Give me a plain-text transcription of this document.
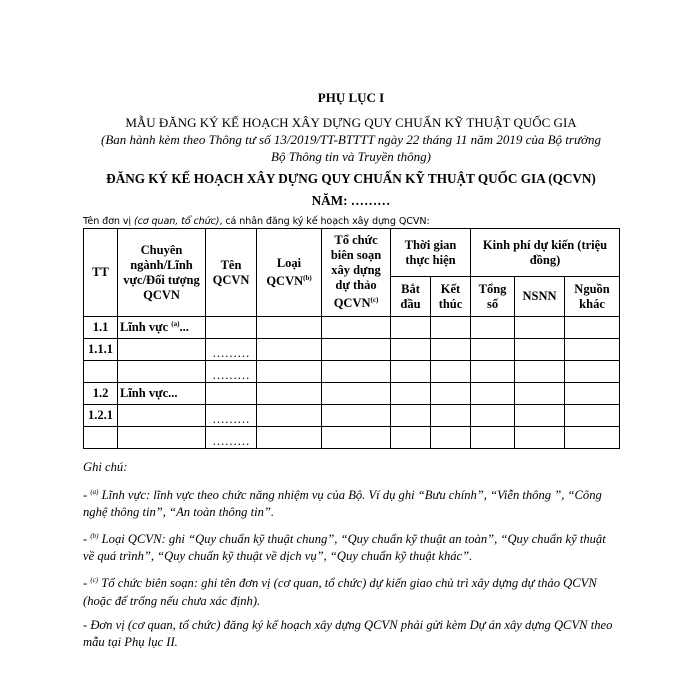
PHỤ LỤC I
MẪU ĐĂNG KÝ KẾ HOẠCH XÂY DỰNG QUY CHUẨN KỸ THUẬT QUỐC GIA
(Ban hành kèm theo Thông tư số 13/2019/TT-BTTTT ngày 22 tháng 11 năm 2019 của Bộ trưởng
Bộ Thông tin và Truyền thông)
ĐĂNG KÝ KẾ HOẠCH XÂY DỰNG QUY CHUẨN KỸ THUẬT QUỐC GIA (QCVN)
NĂM: ………
Tên đơn vị (cơ quan, tổ chức), cá nhân đăng ký kế hoạch xây dựng QCVN:
TT	Chuyên ngành/Lĩnh vực/Đối tượng QCVN	Tên QCVN	Loại QCVN$^{(b)}$	Tổ chức biên soạn xây dựng dự thảo QCVN$^{(c)}$	Thời gian thực hiện		Kinh phí dự kiến (triệu đồng)		
					Bắt đầu	Kết thúc	Tổng số	NSNN	Nguồn khác
1.1	Lĩnh vực $^{(a)}$...								
1.1.1		………							
		………							
1.2	Lĩnh vực...								
1.2.1		………							
		………							

Ghi chú:

- $^{(a)}$ Lĩnh vực: lĩnh vực theo chức năng nhiệm vụ của Bộ. Ví dụ ghi “Bưu chính”, “Viễn thông ”, “Công nghệ thông tin”, “An toàn thông tin”.

- $^{(b)}$ Loại QCVN: ghi “Quy chuẩn kỹ thuật chung”, “Quy chuẩn kỹ thuật an toàn”, “Quy chuẩn kỹ thuật về quá trình”, “Quy chuẩn kỹ thuật về dịch vụ”, “Quy chuẩn kỹ thuật khác”.

- $^{(c)}$ Tổ chức biên soạn: ghi tên đơn vị (cơ quan, tổ chức) dự kiến giao chủ trì xây dựng dự thảo QCVN (hoặc để trống nếu chưa xác định).

- Đơn vị (cơ quan, tổ chức) đăng ký kế hoạch xây dựng QCVN phải gửi kèm Dự án xây dựng QCVN theo mẫu tại Phụ lục II.
